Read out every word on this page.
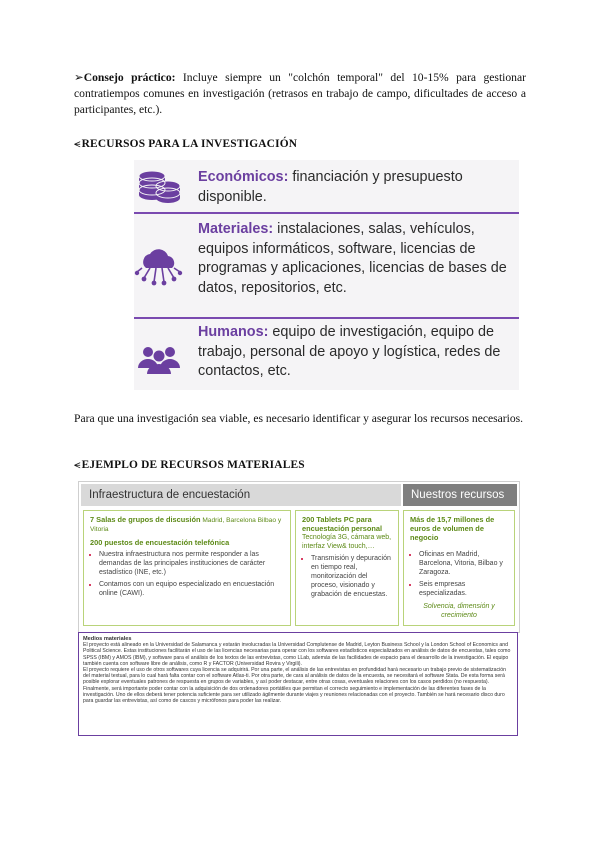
➢Consejo práctico: Incluye siempre un "colchón temporal" del 10-15% para gestionar contratiempos comunes en investigación (retrasos en trabajo de campo, dificultades de acceso a participantes, etc.).
⪪RECURSOS PARA LA INVESTIGACIÓN
Económicos: financiación y presupuesto disponible.
Materiales: instalaciones, salas, vehículos, equipos informáticos, software, licencias de programas y aplicaciones, licencias de bases de datos, repositorios, etc.
Humanos: equipo de investigación, equipo de trabajo, personal de apoyo y logística, redes de contactos, etc.
Para que una investigación sea viable, es necesario identificar y asegurar los recursos necesarios.
⪪EJEMPLO DE RECURSOS MATERIALES
Infraestructura de encuestación	Nuestros recursos
7 Salas de grupos de discusión Madrid, Barcelona Bilbao y Vitoria
200 puestos de encuestación telefónica
• Nuestra infraestructura nos permite responder a las demandas de las principales instituciones de carácter estadístico (INE, etc.)
• Contamos con un equipo especializado en encuestación online (CAWI).
200 Tablets PC para encuestación personal
Tecnología 3G, cámara web, interfaz View& touch,…
• Transmisión y depuración en tiempo real, monitorización del proceso, visionado y grabación de encuestas.
Más de 15,7 millones de euros de volumen de negocio
• Oficinas en Madrid, Barcelona, Vitoria, Bilbao y Zaragoza.
• Seis empresas especializadas.
Solvencia, dimensión y crecimiento
Medios materiales
El proyecto está alineado en la Universidad de Salamanca y estarán involucradas la Universidad Complutense de Madrid, Leyton Business School y la London School of Economics and Political Science. Estas instituciones facilitarán el uso de las licencias necesarias para operar con los softwares estadísticos especializados en análisis de datos de encuestas, tales como SPSS (IBM) y AMOS (IBM), y software para el análisis de los textos de las entrevistas, como LLab, además de las facilidades de espacio para el desarrollo de la investigación. El equipo también cuenta con software libre de análisis, como R y FACTOR (Universidad Rovira y Virgili).
El proyecto requiere el uso de otros softwares cuya licencia se adquirirá. Por una parte, el análisis de las entrevistas en profundidad hará necesario un trabajo previo de sistematización del material textual, para lo cual hará falta contar con el software Atlas-ti. Por otra parte, de cara al análisis de datos de la encuesta, se necesitará el software Stata. De esta forma será posible explorar eventuales patrones de respuesta en grupos de variables, y así poder destacar, entre otras cosas, eventuales relaciones con los casos perdidos (no respuesta).
Finalmente, será importante poder contar con la adquisición de dos ordenadores portátiles que permitan el correcto seguimiento e implementación de las diferentes fases de la investigación. Uno de ellos deberá tener potencia suficiente para ser utilizado ágilmente durante viajes y reuniones relacionadas con el proyecto. También se hará necesario disco duro para guardar las entrevistas, así como de cascos y micrófonos para poder las realizar.
